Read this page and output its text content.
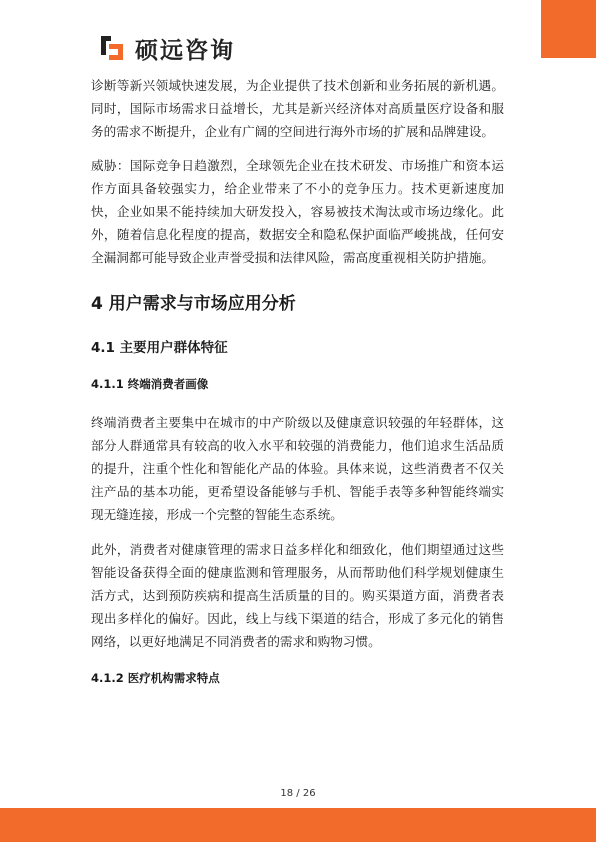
硕远咨询

诊断等新兴领域快速发展，为企业提供了技术创新和业务拓展的新机遇。同时，国际市场需求日益增长，尤其是新兴经济体对高质量医疗设备和服务的需求不断提升，企业有广阔的空间进行海外市场的扩展和品牌建设。

威胁：国际竞争日趋激烈，全球领先企业在技术研发、市场推广和资本运作方面具备较强实力，给企业带来了不小的竞争压力。技术更新速度加快，企业如果不能持续加大研发投入，容易被技术淘汰或市场边缘化。此外，随着信息化程度的提高，数据安全和隐私保护面临严峻挑战，任何安全漏洞都可能导致企业声誉受损和法律风险，需高度重视相关防护措施。

4 用户需求与市场应用分析
4.1 主要用户群体特征
4.1.1 终端消费者画像

终端消费者主要集中在城市的中产阶级以及健康意识较强的年轻群体，这部分人群通常具有较高的收入水平和较强的消费能力，他们追求生活品质的提升，注重个性化和智能化产品的体验。具体来说，这些消费者不仅关注产品的基本功能，更希望设备能够与手机、智能手表等多种智能终端实现无缝连接，形成一个完整的智能生态系统。

此外，消费者对健康管理的需求日益多样化和细致化，他们期望通过这些智能设备获得全面的健康监测和管理服务，从而帮助他们科学规划健康生活方式，达到预防疾病和提高生活质量的目的。购买渠道方面，消费者表现出多样化的偏好。因此，线上与线下渠道的结合，形成了多元化的销售网络，以更好地满足不同消费者的需求和购物习惯。

4.1.2 医疗机构需求特点
18 / 26
